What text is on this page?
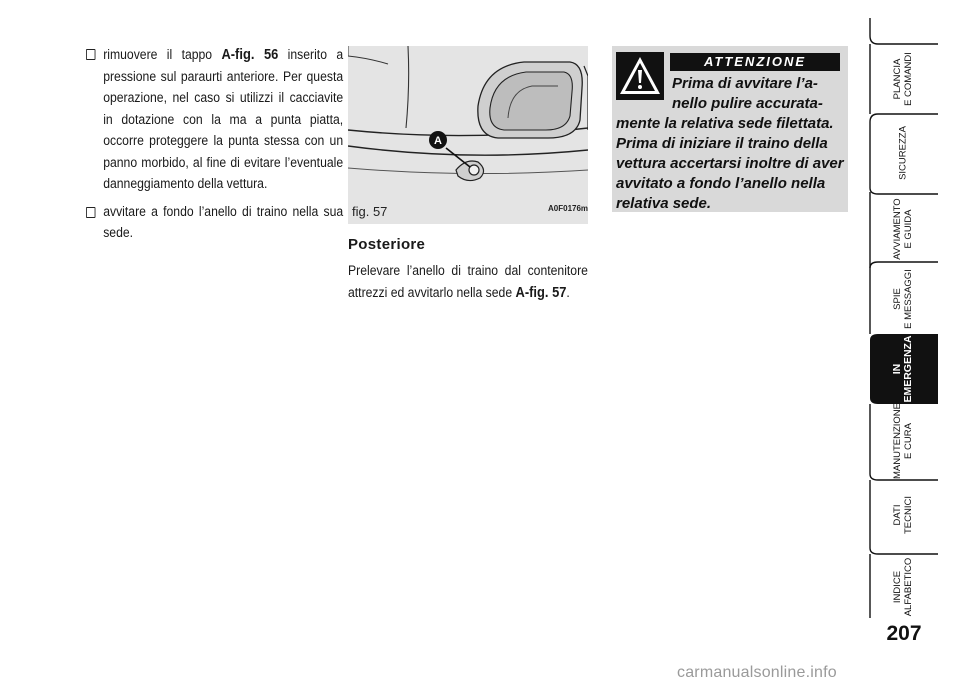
rimuovere il tappo A-fig. 56 inserito a pressione sul paraurti anteriore. Per questa operazione, nel caso si utilizzi il cacciavite in dotazione con la ma a punta piatta, occorre proteggere la punta stessa con un panno morbido, al fine di evitare l’eventuale danneggiamento della vettura.
avvitare a fondo l’anello di traino nella sua sede.
A
fig. 57	A0F0176m
Posteriore

Prelevare l’anello di traino dal contenitore attrezzi ed avvitarlo nella sede A-fig. 57.

ATTENZIONE
Prima di avvitare l’a-
nello pulire accurata-
mente la relativa sede filettata. Prima di iniziare il traino della vettura accertarsi inoltre di aver avvitato a fondo l’anello nella relativa sede.
PLANCIA
E COMANDI
SICUREZZA

AVVIAMENTO
E GUIDA
SPIE
E MESSAGGI
IN
EMERGENZA
MANUTENZIONE
E CURA
DATI
TECNICI
INDICE
ALFABETICO
207
carmanualsonline.info
